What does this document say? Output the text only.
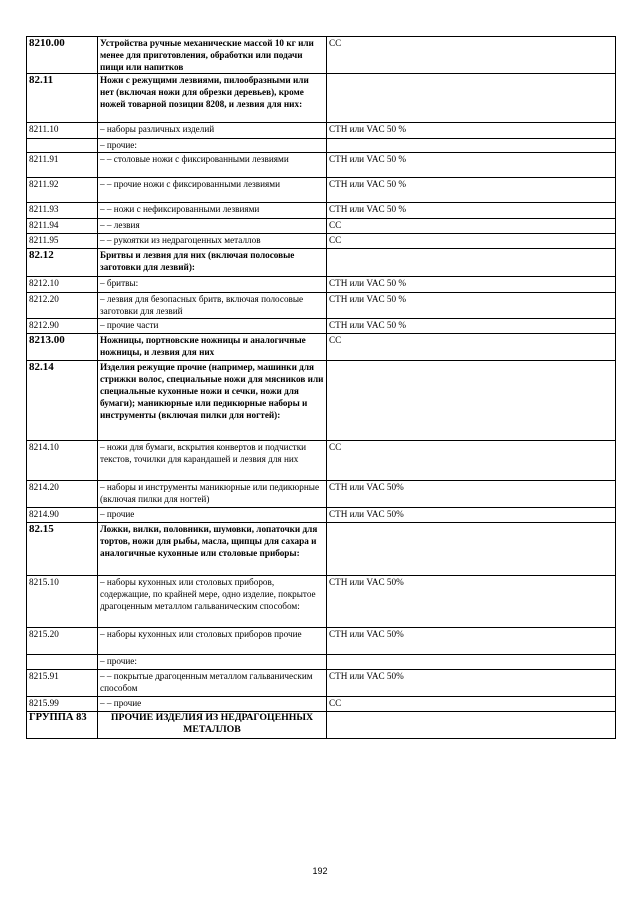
8210.00	Устройства ручные механические массой 10 кг или менее для приготовления, обработки или подачи пищи или напитков	СС
82.11	Ножи с режущими лезвиями, пилообразными или нет (включая ножи для обрезки деревьев), кроме ножей товарной позиции 8208, и лезвия для них:	
8211.10	– наборы различных изделий	СТН или VAC 50 %
	– прочие:	
8211.91	– – столовые ножи с фиксированными лезвиями	СТН или VAC 50 %
8211.92	– – прочие ножи с фиксированными лезвиями	СТН или VAC 50 %
8211.93	– – ножи с нефиксированными лезвиями	СТН или VAC 50 %
8211.94	– – лезвия	СС
8211.95	– – рукоятки из недрагоценных металлов	СС
82.12	Бритвы и лезвия для них (включая полосовые заготовки для лезвий):	
8212.10	– бритвы:	СТН или VAC 50 %
8212.20	– лезвия для безопасных бритв, включая полосовые заготовки для лезвий	СТН или VAC 50 %
8212.90	– прочие части	СТН или VAC 50 %
8213.00	Ножницы, портновские ножницы и аналогичные ножницы, и лезвия для них	СС
82.14	Изделия режущие прочие (например, машинки для стрижки волос, специальные ножи для мясников или специальные кухонные ножи и сечки, ножи для бумаги); маникюрные или педикюрные наборы и инструменты (включая пилки для ногтей):	
8214.10	– ножи для бумаги, вскрытия конвертов и подчистки текстов, точилки для карандашей и лезвия для них	СС
8214.20	– наборы и инструменты маникюрные или педикюрные (включая пилки для ногтей)	СТН или VAC 50%
8214.90	– прочие	СТН или VAC 50%
82.15	Ложки, вилки, половники, шумовки, лопаточки для тортов, ножи для рыбы, масла, щипцы для сахара и аналогичные кухонные или столовые приборы:	
8215.10	– наборы кухонных или столовых приборов, содержащие, по крайней мере, одно изделие, покрытое драгоценным металлом гальваническим способом:	СТН или VAC 50%
8215.20	– наборы кухонных или столовых приборов прочие	СТН или VAC 50%
	– прочие:	
8215.91	– – покрытые драгоценным металлом гальваническим способом	СТН или VAC 50%
8215.99	– – прочие	СС
ГРУППА 83	ПРОЧИЕ ИЗДЕЛИЯ ИЗ НЕДРАГОЦЕННЫХ МЕТАЛЛОВ	
192
